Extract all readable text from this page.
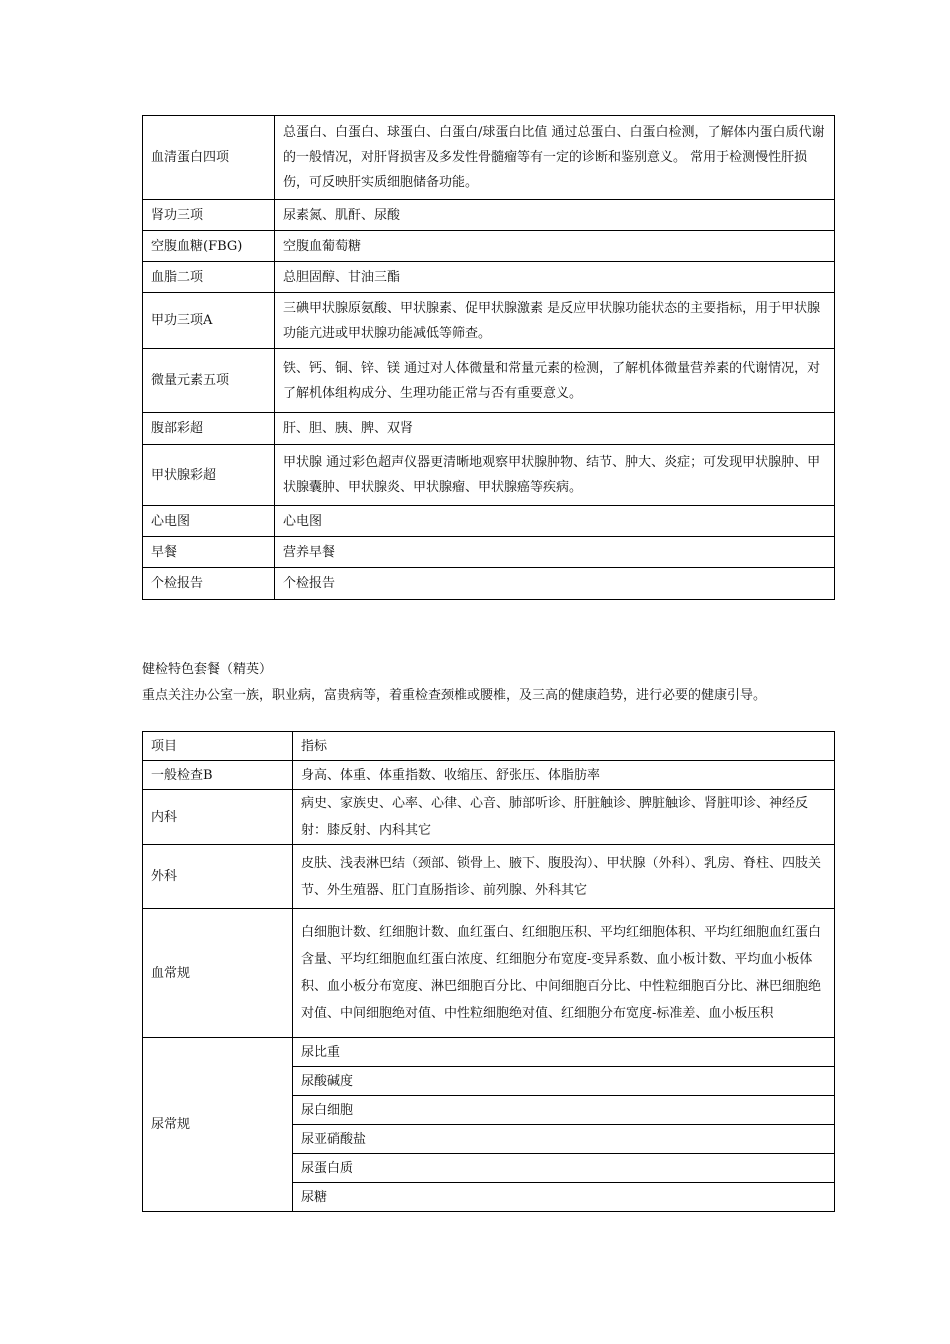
血清蛋白四项	总蛋白、白蛋白、球蛋白、白蛋白/球蛋白比值 通过总蛋白、白蛋白检测，了解体内蛋白质代谢的一般情况，对肝肾损害及多发性骨髓瘤等有一定的诊断和鉴别意义。 常用于检测慢性肝损伤，可反映肝实质细胞储备功能。
肾功三项	尿素氮、肌酐、尿酸
空腹血糖(FBG)	空腹血葡萄糖
血脂二项	总胆固醇、甘油三酯
甲功三项A	三碘甲状腺原氨酸、甲状腺素、促甲状腺激素 是反应甲状腺功能状态的主要指标，用于甲状腺功能亢进或甲状腺功能减低等筛查。
微量元素五项	铁、钙、铜、锌、镁 通过对人体微量和常量元素的检测，了解机体微量营养素的代谢情况，对了解机体组构成分、生理功能正常与否有重要意义。
腹部彩超	肝、胆、胰、脾、双肾
甲状腺彩超	甲状腺 通过彩色超声仪器更清晰地观察甲状腺肿物、结节、肿大、炎症；可发现甲状腺肿、甲状腺囊肿、甲状腺炎、甲状腺瘤、甲状腺癌等疾病。
心电图	心电图
早餐	营养早餐
个检报告	个检报告
健检特色套餐（精英）
重点关注办公室一族，职业病，富贵病等，着重检查颈椎或腰椎，及三高的健康趋势，进行必要的健康引导。
项目	指标
一般检查B	身高、体重、体重指数、收缩压、舒张压、体脂肪率
内科	病史、家族史、心率、心律、心音、肺部听诊、肝脏触诊、脾脏触诊、肾脏叩诊、神经反射：膝反射、内科其它
外科	皮肤、浅表淋巴结（颈部、锁骨上、腋下、腹股沟）、甲状腺（外科）、乳房、脊柱、四肢关节、外生殖器、肛门直肠指诊、前列腺、外科其它
血常规	白细胞计数、红细胞计数、血红蛋白、红细胞压积、平均红细胞体积、平均红细胞血红蛋白含量、平均红细胞血红蛋白浓度、红细胞分布宽度-变异系数、血小板计数、平均血小板体积、血小板分布宽度、淋巴细胞百分比、中间细胞百分比、中性粒细胞百分比、淋巴细胞绝对值、中间细胞绝对值、中性粒细胞绝对值、红细胞分布宽度-标准差、血小板压积
尿常规	尿比重
	尿酸碱度
	尿白细胞
	尿亚硝酸盐
	尿蛋白质
	尿糖
